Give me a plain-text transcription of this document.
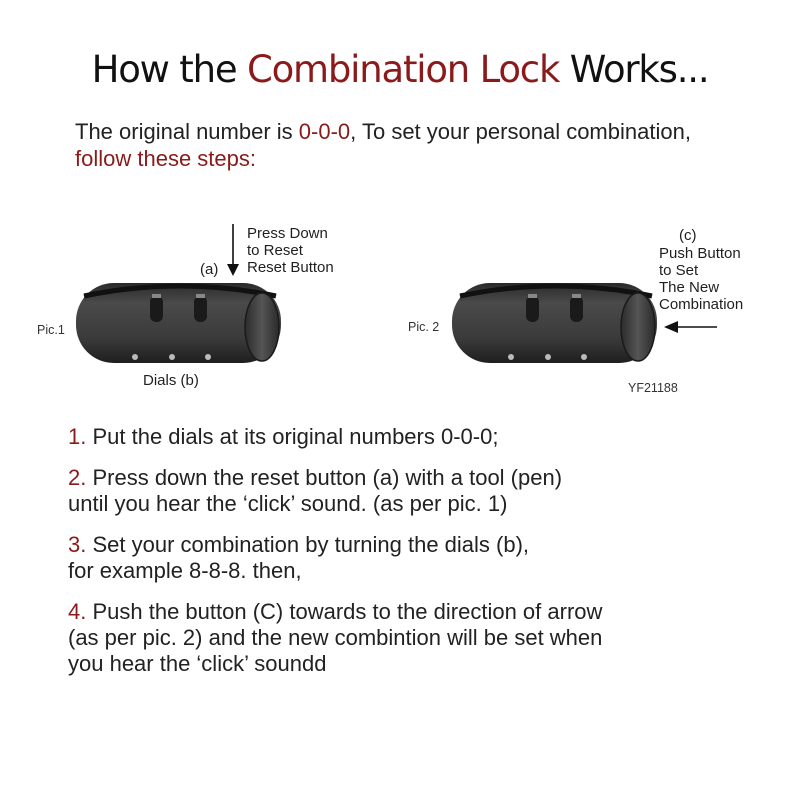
How the Combination Lock Works...
The original number is 0-0-0, To set your personal combination,
follow these steps:
Press Down
to Reset
Reset Button
(a)
Pic.1
Dials (b)
(c)
Push Button
to Set
The New
Combination
Pic. 2
YF21188
1. Put the dials at its original numbers 0-0-0;
2. Press down the reset button (a) with a tool (pen)
until you hear the ‘click’ sound. (as per pic. 1)
3. Set your combination by turning the dials (b),
for example 8-8-8. then,
4. Push the button (C) towards to the direction of arrow
(as per pic. 2) and the new combintion will be set when
you hear the ‘click’ soundd
